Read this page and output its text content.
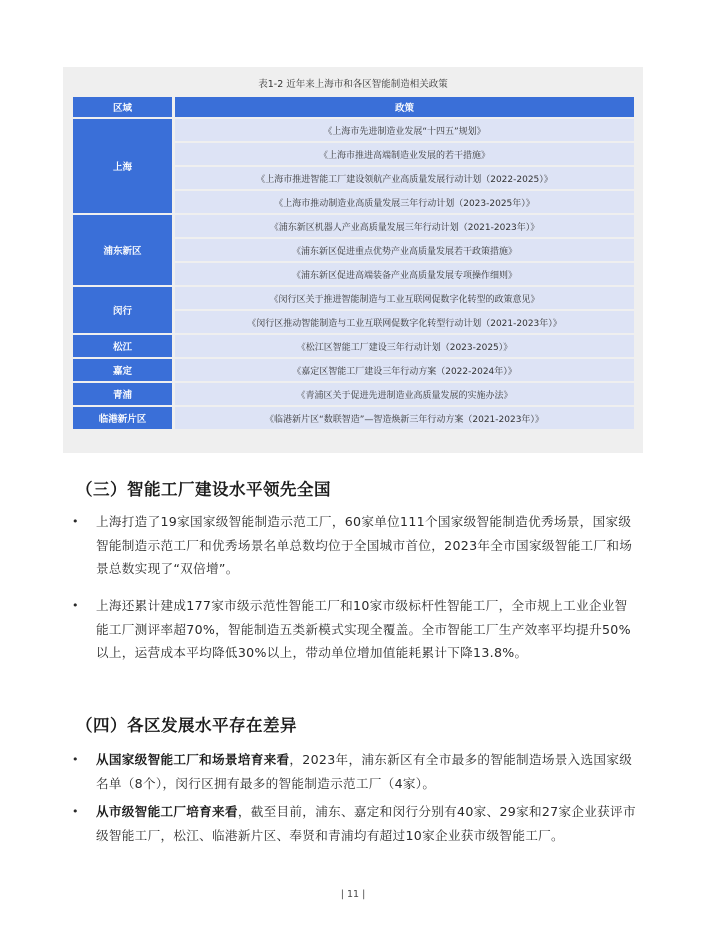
表1-2 近年来上海市和各区智能制造相关政策
区域	政策
上海	《上海市先进制造业发展“十四五”规划》
	《上海市推进高端制造业发展的若干措施》
	《上海市推进智能工厂建设领航产业高质量发展行动计划（2022-2025）》
	《上海市推动制造业高质量发展三年行动计划（2023-2025年）》
浦东新区	《浦东新区机器人产业高质量发展三年行动计划（2021-2023年）》
	《浦东新区促进重点优势产业高质量发展若干政策措施》
	《浦东新区促进高端装备产业高质量发展专项操作细则》
闵行	《闵行区关于推进智能制造与工业互联网促数字化转型的政策意见》
	《闵行区推动智能制造与工业互联网促数字化转型行动计划（2021-2023年）》
松江	《松江区智能工厂建设三年行动计划（2023-2025）》
嘉定	《嘉定区智能工厂建设三年行动方案（2022-2024年）》
青浦	《青浦区关于促进先进制造业高质量发展的实施办法》
临港新片区	《临港新片区“数联智造”—智造焕新三年行动方案（2021-2023年）》
（三）智能工厂建设水平领先全国
• 上海打造了19家国家级智能制造示范工厂，60家单位111个国家级智能制造优秀场景，国家级智能制造示范工厂和优秀场景名单总数均位于全国城市首位，2023年全市国家级智能工厂和场景总数实现了“双倍增”。
• 上海还累计建成177家市级示范性智能工厂和10家市级标杆性智能工厂，全市规上工业企业智能工厂测评率超70%，智能制造五类新模式实现全覆盖。全市智能工厂生产效率平均提升50%以上，运营成本平均降低30%以上，带动单位增加值能耗累计下降13.8%。
（四）各区发展水平存在差异
• 从国家级智能工厂和场景培育来看，2023年，浦东新区有全市最多的智能制造场景入选国家级名单（8个），闵行区拥有最多的智能制造示范工厂（4家）。
• 从市级智能工厂培育来看，截至目前，浦东、嘉定和闵行分别有40家、29家和27家企业获评市级智能工厂，松江、临港新片区、奉贤和青浦均有超过10家企业获市级智能工厂。
| 11 |
